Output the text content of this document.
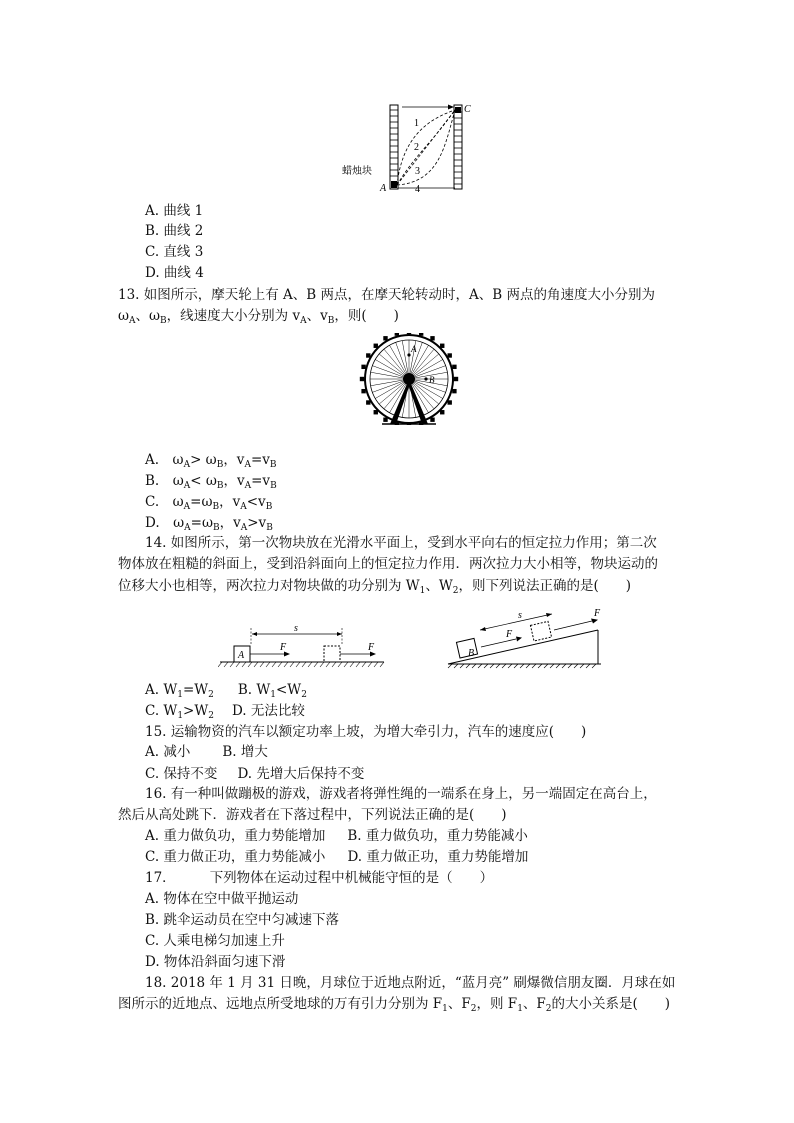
蜡烛块
A
C
1
2
3
4
A. 曲线 1
B. 曲线 2
C. 直线 3
D. 曲线 4
13. 如图所示，摩天轮上有 A、B 两点，在摩天轮转动时，A、B 两点的角速度大小分别为
$\omega_A$、$\omega_B$，线速度大小分别为 $v_A$、$v_B$，则(　　)
A
B
A.　$\omega_A> \omega_B$，$v_A=v_B$
B.　$\omega_A< \omega_B$，$v_A=v_B$
C.　$\omega_A=\omega_B$，$v_A<v_B$
D.　$\omega_A=\omega_B$，$v_A>v_B$
14. 如图所示，第一次物块放在光滑水平面上，受到水平向右的恒定拉力作用；第二次
物体放在粗糙的斜面上，受到沿斜面向上的恒定拉力作用．两次拉力大小相等，物块运动的
位移大小也相等，两次拉力对物块做的功分别为 $W_1$、$W_2$，则下列说法正确的是(　　)
s
A
F	F
s
B
F
F
A. $W_1=W_2$ B. $W_1<W_2$
C. $W_1>W_2$ D. 无法比较
15. 运输物资的汽车以额定功率上坡，为增大牵引力，汽车的速度应(　　)
A. 减小 B. 增大
C. 保持不变 D. 先增大后保持不变
16. 有一种叫做蹦极的游戏，游戏者将弹性绳的一端系在身上，另一端固定在高台上，
然后从高处跳下．游戏者在下落过程中，下列说法正确的是(　　)
A. 重力做负功，重力势能增加 B. 重力做负功，重力势能减小
C. 重力做正功，重力势能减小 D. 重力做正功，重力势能增加
17．	下列物体在运动过程中机械能守恒的是（　　）
A. 物体在空中做平抛运动
B. 跳伞运动员在空中匀减速下落
C. 人乘电梯匀加速上升
D. 物体沿斜面匀速下滑
18. 2018 年 1 月 31 日晚，月球位于近地点附近，“蓝月亮” 刷爆微信朋友圈．月球在如
图所示的近地点、远地点所受地球的万有引力分别为 $F_1$、$F_2$，则 $F_1$、$F_2$的大小关系是(　　)
